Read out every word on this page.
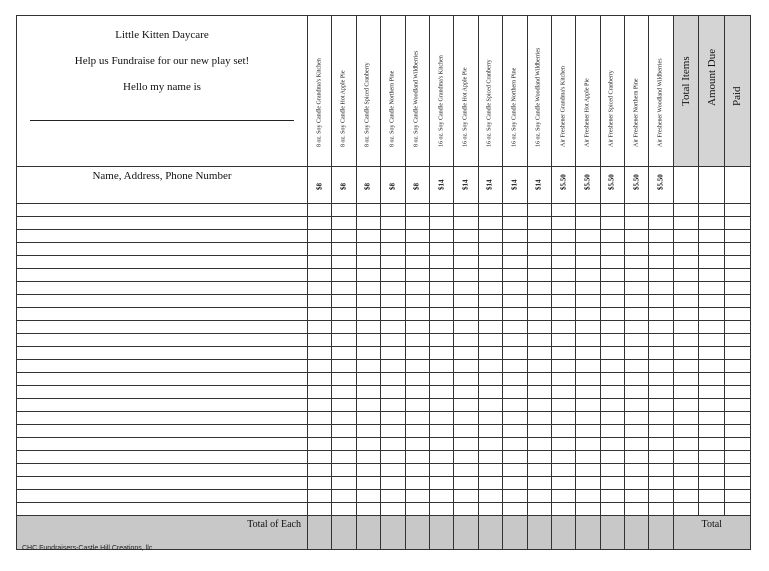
Little Kitten Daycare
Help us Fundraise for our new play set!
Hello my name is	8 oz. Soy Candle Grandma's Kitchen	8 oz. Soy Candle Hot Apple Pie	8 oz. Soy Candle Spiced Cranberry	8 oz. Soy Candle Northern Pine	8 oz. Soy Candle Woodland Wildberries	16 oz. Soy Candle Grandma's Kitchen	16 oz. Soy Candle Hot Apple Pie	16 oz. Soy Candle Spiced Cranberry	16 oz. Soy Candle Northern Pine	16 oz. Soy Candle Woodland Wildberries	Air Freshener Grandma's Kitchen	Air Freshener Hot Apple Pie	Air Freshener Spiced Cranberry	Air Freshener Northern Pine	Air Freshener Woodland Wildberries	Total Items	Amount Due	Paid

Name, Address, Phone Number	$8	$8	$8	$8	$8	$14	$14	$14	$14	$14	$5.50	$5.50	$5.50	$5.50	$5.50			

Total of Each																Total		
CHC Fundraisers-Castle Hill Creations, llc
